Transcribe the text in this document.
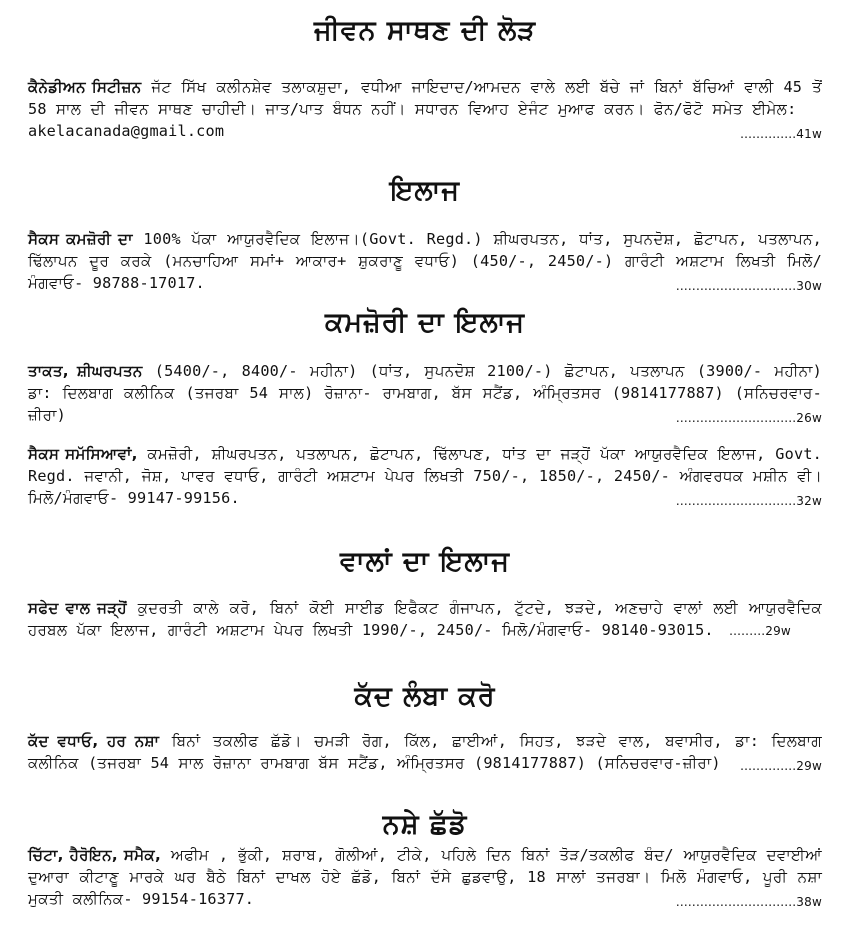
ਜੀਵਨ ਸਾਥਣ ਦੀ ਲੋੜ
ਕੈਨੇਡੀਅਨ ਸਿਟੀਜ਼ਨ ਜੱਟ ਸਿੱਖ ਕਲੀਨਸ਼ੇਵ ਤਲਾਕਸ਼ੁਦਾ, ਵਧੀਆ ਜਾਇਦਾਦ/ਆਮਦਨ ਵਾਲੇ ਲਈ ਬੱਚੇ ਜਾਂ ਬਿਨਾਂ ਬੱਚਿਆਂ ਵਾਲੀ 45 ਤੋਂ 58 ਸਾਲ ਦੀ ਜੀਵਨ ਸਾਥਣ ਚਾਹੀਦੀ। ਜਾਤ/ਪਾਤ ਬੰਧਨ ਨਹੀਂ। ਸਧਾਰਨ ਵਿਆਹ ਏਜੰਟ ਮੁਆਫ ਕਰਨ। ਫੋਨ/ਫੋਟੋ ਸਮੇਤ ਈਮੇਲ:
akelacanada@gmail.com	..............41w
ਇਲਾਜ
ਸੈਕਸ ਕਮਜ਼ੋਰੀ ਦਾ 100% ਪੱਕਾ ਆਯੁਰਵੈਦਿਕ ਇਲਾਜ।(Govt. Regd.) ਸ਼ੀਘਰਪਤਨ, ਧਾਂਤ, ਸੁਪਨਦੋਸ਼, ਛੋਟਾਪਨ, ਪਤਲਾਪਨ, ਢਿੱਲਾਪਨ ਦੂਰ ਕਰਕੇ (ਮਨਚਾਹਿਆ ਸਮਾਂ+ ਆਕਾਰ+ ਸ਼ੁਕਰਾਣੂ ਵਧਾਓ) (450/-, 2450/-) ਗਾਰੰਟੀ ਅਸ਼ਟਾਮ ਲਿਖਤੀ ਮਿਲੋ/ਮੰਗਵਾਓ- 98788-17017.	..............................30w
ਕਮਜ਼ੋਰੀ ਦਾ ਇਲਾਜ
ਤਾਕਤ, ਸ਼ੀਘਰਪਤਨ (5400/-, 8400/- ਮਹੀਨਾ) (ਧਾਂਤ, ਸੁਪਨਦੋਸ਼ 2100/-) ਛੋਟਾਪਨ, ਪਤਲਾਪਨ (3900/- ਮਹੀਨਾ) ਡਾ: ਦਿਲਬਾਗ ਕਲੀਨਿਕ (ਤਜਰਬਾ 54 ਸਾਲ) ਰੋਜ਼ਾਨਾ- ਰਾਮਬਾਗ, ਬੱਸ ਸਟੈਂਡ, ਅੰਮ੍ਰਿਤਸਰ (9814177887) (ਸਨਿਚਰਵਾਰ-ਜ਼ੀਰਾ)	..............................26w
ਸੈਕਸ ਸਮੱਸਿਆਵਾਂ, ਕਮਜ਼ੋਰੀ, ਸ਼ੀਘਰਪਤਨ, ਪਤਲਾਪਨ, ਛੋਟਾਪਨ, ਢਿੱਲਾਪਣ, ਧਾਂਤ ਦਾ ਜੜ੍ਹੋਂ ਪੱਕਾ ਆਯੁਰਵੈਦਿਕ ਇਲਾਜ, Govt. Regd. ਜਵਾਨੀ, ਜੋਸ਼, ਪਾਵਰ ਵਧਾਓ, ਗਾਰੰਟੀ ਅਸ਼ਟਾਮ ਪੇਪਰ ਲਿਖਤੀ 750/-, 1850/-, 2450/- ਅੰਗਵਰਧਕ ਮਸ਼ੀਨ ਵੀ। ਮਿਲੋ/ਮੰਗਵਾਓ- 99147-99156.	..............................32w
ਵਾਲਾਂ ਦਾ ਇਲਾਜ
ਸਫੇਦ ਵਾਲ ਜੜ੍ਹੋਂ ਕੁਦਰਤੀ ਕਾਲੇ ਕਰੋ, ਬਿਨਾਂ ਕੋਈ ਸਾਈਡ ਇਫੈਕਟ ਗੰਜਾਪਨ, ਟੁੱਟਦੇ, ਝੜਦੇ, ਅਣਚਾਹੇ ਵਾਲਾਂ ਲਈ ਆਯੁਰਵੈਦਿਕ ਹਰਬਲ ਪੱਕਾ ਇਲਾਜ, ਗਾਰੰਟੀ ਅਸ਼ਟਾਮ ਪੇਪਰ ਲਿਖਤੀ 1990/-, 2450/- ਮਿਲੋ/ਮੰਗਵਾਓ- 98140-93015. .........29w
ਕੱਦ ਲੰਬਾ ਕਰੋ
ਕੱਦ ਵਧਾਓ, ਹਰ ਨਸ਼ਾ ਬਿਨਾਂ ਤਕਲੀਫ ਛੱਡੋ। ਚਮੜੀ ਰੋਗ, ਕਿੱਲ, ਛਾਈਆਂ, ਸਿਹਤ, ਝੜਦੇ ਵਾਲ, ਬਵਾਸੀਰ, ਡਾ: ਦਿਲਬਾਗ ਕਲੀਨਿਕ (ਤਜਰਬਾ 54 ਸਾਲ ਰੋਜ਼ਾਨਾ ਰਾਮਬਾਗ ਬੱਸ ਸਟੈਂਡ, ਅੰਮ੍ਰਿਤਸਰ (9814177887) (ਸਨਿਚਰਵਾਰ-ਜ਼ੀਰਾ) ..............29w
ਨਸ਼ੇ ਛੱਡੋ
ਚਿੱਟਾ, ਹੈਰੋਇਨ, ਸਮੈਕ, ਅਫੀਮ , ਭੁੱਕੀ, ਸ਼ਰਾਬ, ਗੋਲੀਆਂ, ਟੀਕੇ, ਪਹਿਲੇ ਦਿਨ ਬਿਨਾਂ ਤੋੜ/ਤਕਲੀਫ ਬੰਦ/ ਆਯੁਰਵੈਦਿਕ ਦਵਾਈਆਂ ਦੁਆਰਾ ਕੀਟਾਣੂ ਮਾਰਕੇ ਘਰ ਬੈਠੇ ਬਿਨਾਂ ਦਾਖਲ ਹੋਏ ਛੱਡੋ, ਬਿਨਾਂ ਦੱਸੇ ਛੁਡਵਾਉ, 18 ਸਾਲਾਂ ਤਜਰਬਾ। ਮਿਲੋ ਮੰਗਵਾਓ, ਪੂਰੀ ਨਸ਼ਾ ਮੁਕਤੀ ਕਲੀਨਿਕ- 99154-16377.	..............................38w
